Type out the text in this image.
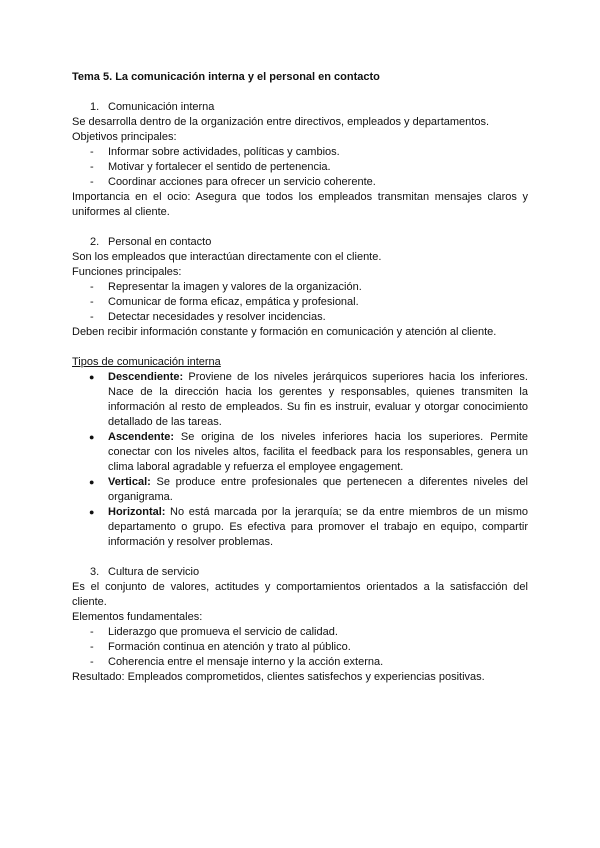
Tema 5. La comunicación interna y el personal en contacto

1. Comunicación interna

Se desarrolla dentro de la organización entre directivos, empleados y departamentos.

Objetivos principales:

- Informar sobre actividades, políticas y cambios.
- Motivar y fortalecer el sentido de pertenencia.
- Coordinar acciones para ofrecer un servicio coherente.

Importancia en el ocio: Asegura que todos los empleados transmitan mensajes claros y uniformes al cliente.

2. Personal en contacto

Son los empleados que interactúan directamente con el cliente.

Funciones principales:

- Representar la imagen y valores de la organización.
- Comunicar de forma eficaz, empática y profesional.
- Detectar necesidades y resolver incidencias.

Deben recibir información constante y formación en comunicación y atención al cliente.

Tipos de comunicación interna

● Descendiente: Proviene de los niveles jerárquicos superiores hacia los inferiores. Nace de la dirección hacia los gerentes y responsables, quienes transmiten la información al resto de empleados. Su fin es instruir, evaluar y otorgar conocimiento detallado de las tareas.
● Ascendente: Se origina de los niveles inferiores hacia los superiores. Permite conectar con los niveles altos, facilita el feedback para los responsables, genera un clima laboral agradable y refuerza el employee engagement.
● Vertical: Se produce entre profesionales que pertenecen a diferentes niveles del organigrama.
● Horizontal: No está marcada por la jerarquía; se da entre miembros de un mismo departamento o grupo. Es efectiva para promover el trabajo en equipo, compartir información y resolver problemas.
3. Cultura de servicio

Es el conjunto de valores, actitudes y comportamientos orientados a la satisfacción del cliente.

Elementos fundamentales:

- Liderazgo que promueva el servicio de calidad.
- Formación continua en atención y trato al público.
- Coherencia entre el mensaje interno y la acción externa.

Resultado: Empleados comprometidos, clientes satisfechos y experiencias positivas.
